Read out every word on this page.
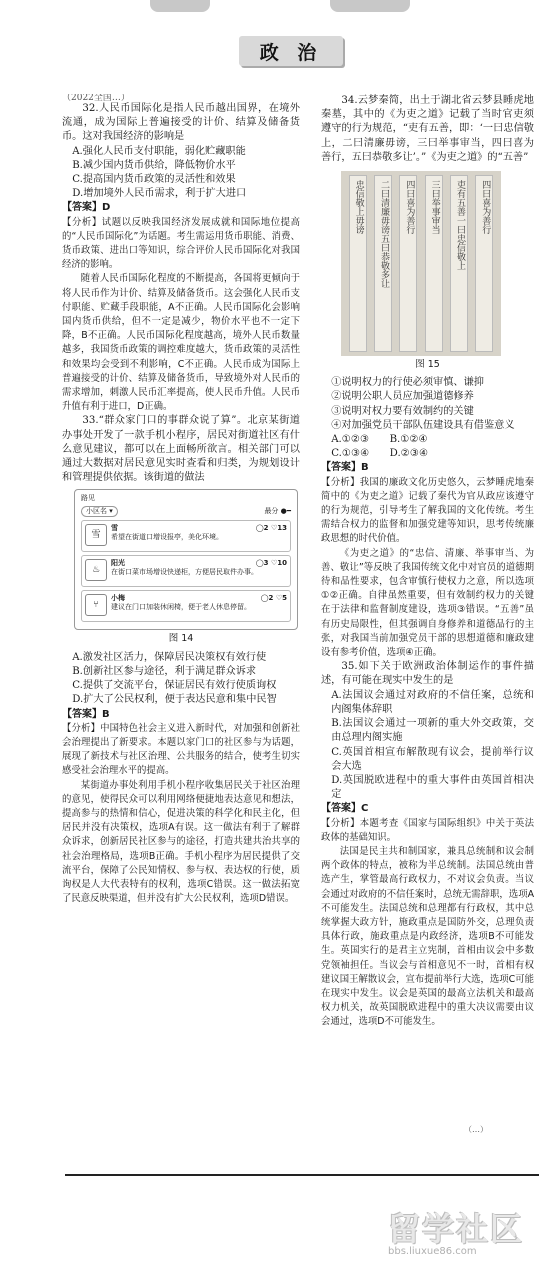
政 治

（2022全国…）

32.人民币国际化是指人民币越出国界，在境外流通，成为国际上普遍接受的计价、结算及储备货币。这对我国经济的影响是

A.强化人民币支付职能，弱化贮藏职能

B.减少国内货币供给，降低物价水平

C.提高国内货币政策的灵活性和效果

D.增加境外人民币需求，利于扩大进口

【答案】D

【分析】试题以反映我国经济发展成就和国际地位提高的“人民币国际化”为话题。考生需运用货币职能、消费、货币政策、进出口等知识，综合评价人民币国际化对我国经济的影响。

随着人民币国际化程度的不断提高，各国将更倾向于将人民币作为计价、结算及储备货币。这会强化人民币支付职能、贮藏手段职能，A不正确。人民币国际化会影响国内货币供给，但不一定是减少，物价水平也不一定下降，B不正确。人民币国际化程度越高，境外人民币数量越多，我国货币政策的调控难度越大，货币政策的灵活性和效果均会受到不利影响，C不正确。人民币成为国际上普遍接受的计价、结算及储备货币，导致境外对人民币的需求增加，刺激人民币汇率提高，使人民币升值。人民币升值有利于进口，D正确。

33.“群众家门口的事群众说了算”。北京某街道办事处开发了一款手机小程序，居民对街道社区有什么意见建议，都可以在上面畅所欲言。相关部门可以通过大数据对居民意见实时查看和归类，为规划设计和管理提供依据。该街道的做法

路见
小区名 ▾	最分 ●━
雪
雪	◯2 ♡13
希望在街道口增设报亭，美化环境。
♨
阳光	◯3 ♡10
在街口菜市场增设快递柜，方便居民取件办事。
⑂
小梅	◯2 ♡5
建议在门口加装休闲椅，便于老人休息停留。
图 14

A.激发社区活力，保障居民决策权有效行使

B.创新社区参与途径，利于满足群众诉求

C.提供了交流平台，保证居民有效行使质询权

D.扩大了公民权利，便于表达民意和集中民智

【答案】B

【分析】中国特色社会主义进入新时代，对加强和创新社会治理提出了新要求。本题以家门口的社区参与为话题，展现了新技术与社区治理、公共服务的结合，使考生切实感受社会治理水平的提高。

某街道办事处利用手机小程序收集居民关于社区治理的意见，使得民众可以利用网络便捷地表达意见和想法，提高参与的热情和信心，促进决策的科学化和民主化，但居民并没有决策权，选项A有误。这一做法有利于了解群众诉求，创新居民社区参与的途径，打造共建共治共享的社会治理格局，选项B正确。手机小程序为居民提供了交流平台，保障了公民知情权、参与权、表达权的行使，质询权是人大代表特有的权利，选项C错误。这一做法拓宽了民意反映渠道，但并没有扩大公民权利，选项D错误。

34.云梦秦简，出土于湖北省云梦县睡虎地秦墓，其中的《为吏之道》记载了当时官吏须遵守的行为规范，“吏有五善，即：‘一曰忠信敬上，二曰清廉毋谤，三曰举事审当，四曰喜为善行，五曰恭敬多让’。”《为吏之道》的“五善”

忠信敬上毋谤	二曰清廉毋谤五曰恭敬多让	四曰喜为善行	三曰举事审当	吏有五善一曰忠信敬上	四曰喜为善行
图 15

①说明权力的行使必须审慎、谦抑

②说明公职人员应加强道德修养

③说明对权力要有效制约的关键

④对加强党员干部队伍建设具有借鉴意义

A.①②③   B.①②④

C.①③④   D.②③④

【答案】B

【分析】我国的廉政文化历史悠久，云梦睡虎地秦简中的《为吏之道》记载了秦代为官从政应该遵守的行为规范，引导考生了解我国的文化传统。考生需结合权力的监督和加强党建等知识，思考传统廉政思想的时代价值。

《为吏之道》的“忠信、清廉、举事审当、为善、敬让”等反映了我国传统文化中对官员的道德期待和品性要求，包含审慎行使权力之意，所以选项①②正确。自律虽然重要，但有效制约权力的关键在于法律和监督制度建设，选项③错误。“五善”虽有历史局限性，但其强调自身修养和道德品行的主张，对我国当前加强党员干部的思想道德和廉政建设有参考价值，选项④正确。

35.如下关于欧洲政治体制运作的事件描述，有可能在现实中发生的是

A.法国议会通过对政府的不信任案，总统和内阁集体辞职

B.法国议会通过一项新的重大外交政策，交由总理内阁实施

C.英国首相宣布解散现有议会，提前举行议会大选

D.英国脱欧进程中的重大事件由英国首相决定

【答案】C

【分析】本题考查《国家与国际组织》中关于英法政体的基础知识。

法国是民主共和制国家，兼具总统制和议会制两个政体的特点，被称为半总统制。法国总统由普选产生，掌管最高行政权力，不对议会负责。当议会通过对政府的不信任案时，总统无需辞职，选项A不可能发生。法国总统和总理都有行政权，其中总统掌握大政方针，施政重点是国防外交，总理负责具体行政，施政重点是内政经济，选项B不可能发生。英国实行的是君主立宪制，首相由议会中多数党领袖担任。当议会与首相意见不一时，首相有权建议国王解散议会，宣布提前举行大选，选项C可能在现实中发生。议会是英国的最高立法机关和最高权力机关，故英国脱欧进程中的重大决议需要由议会通过，选项D不可能发生。

（…）
留学社区
bbs.liuxue86.com
